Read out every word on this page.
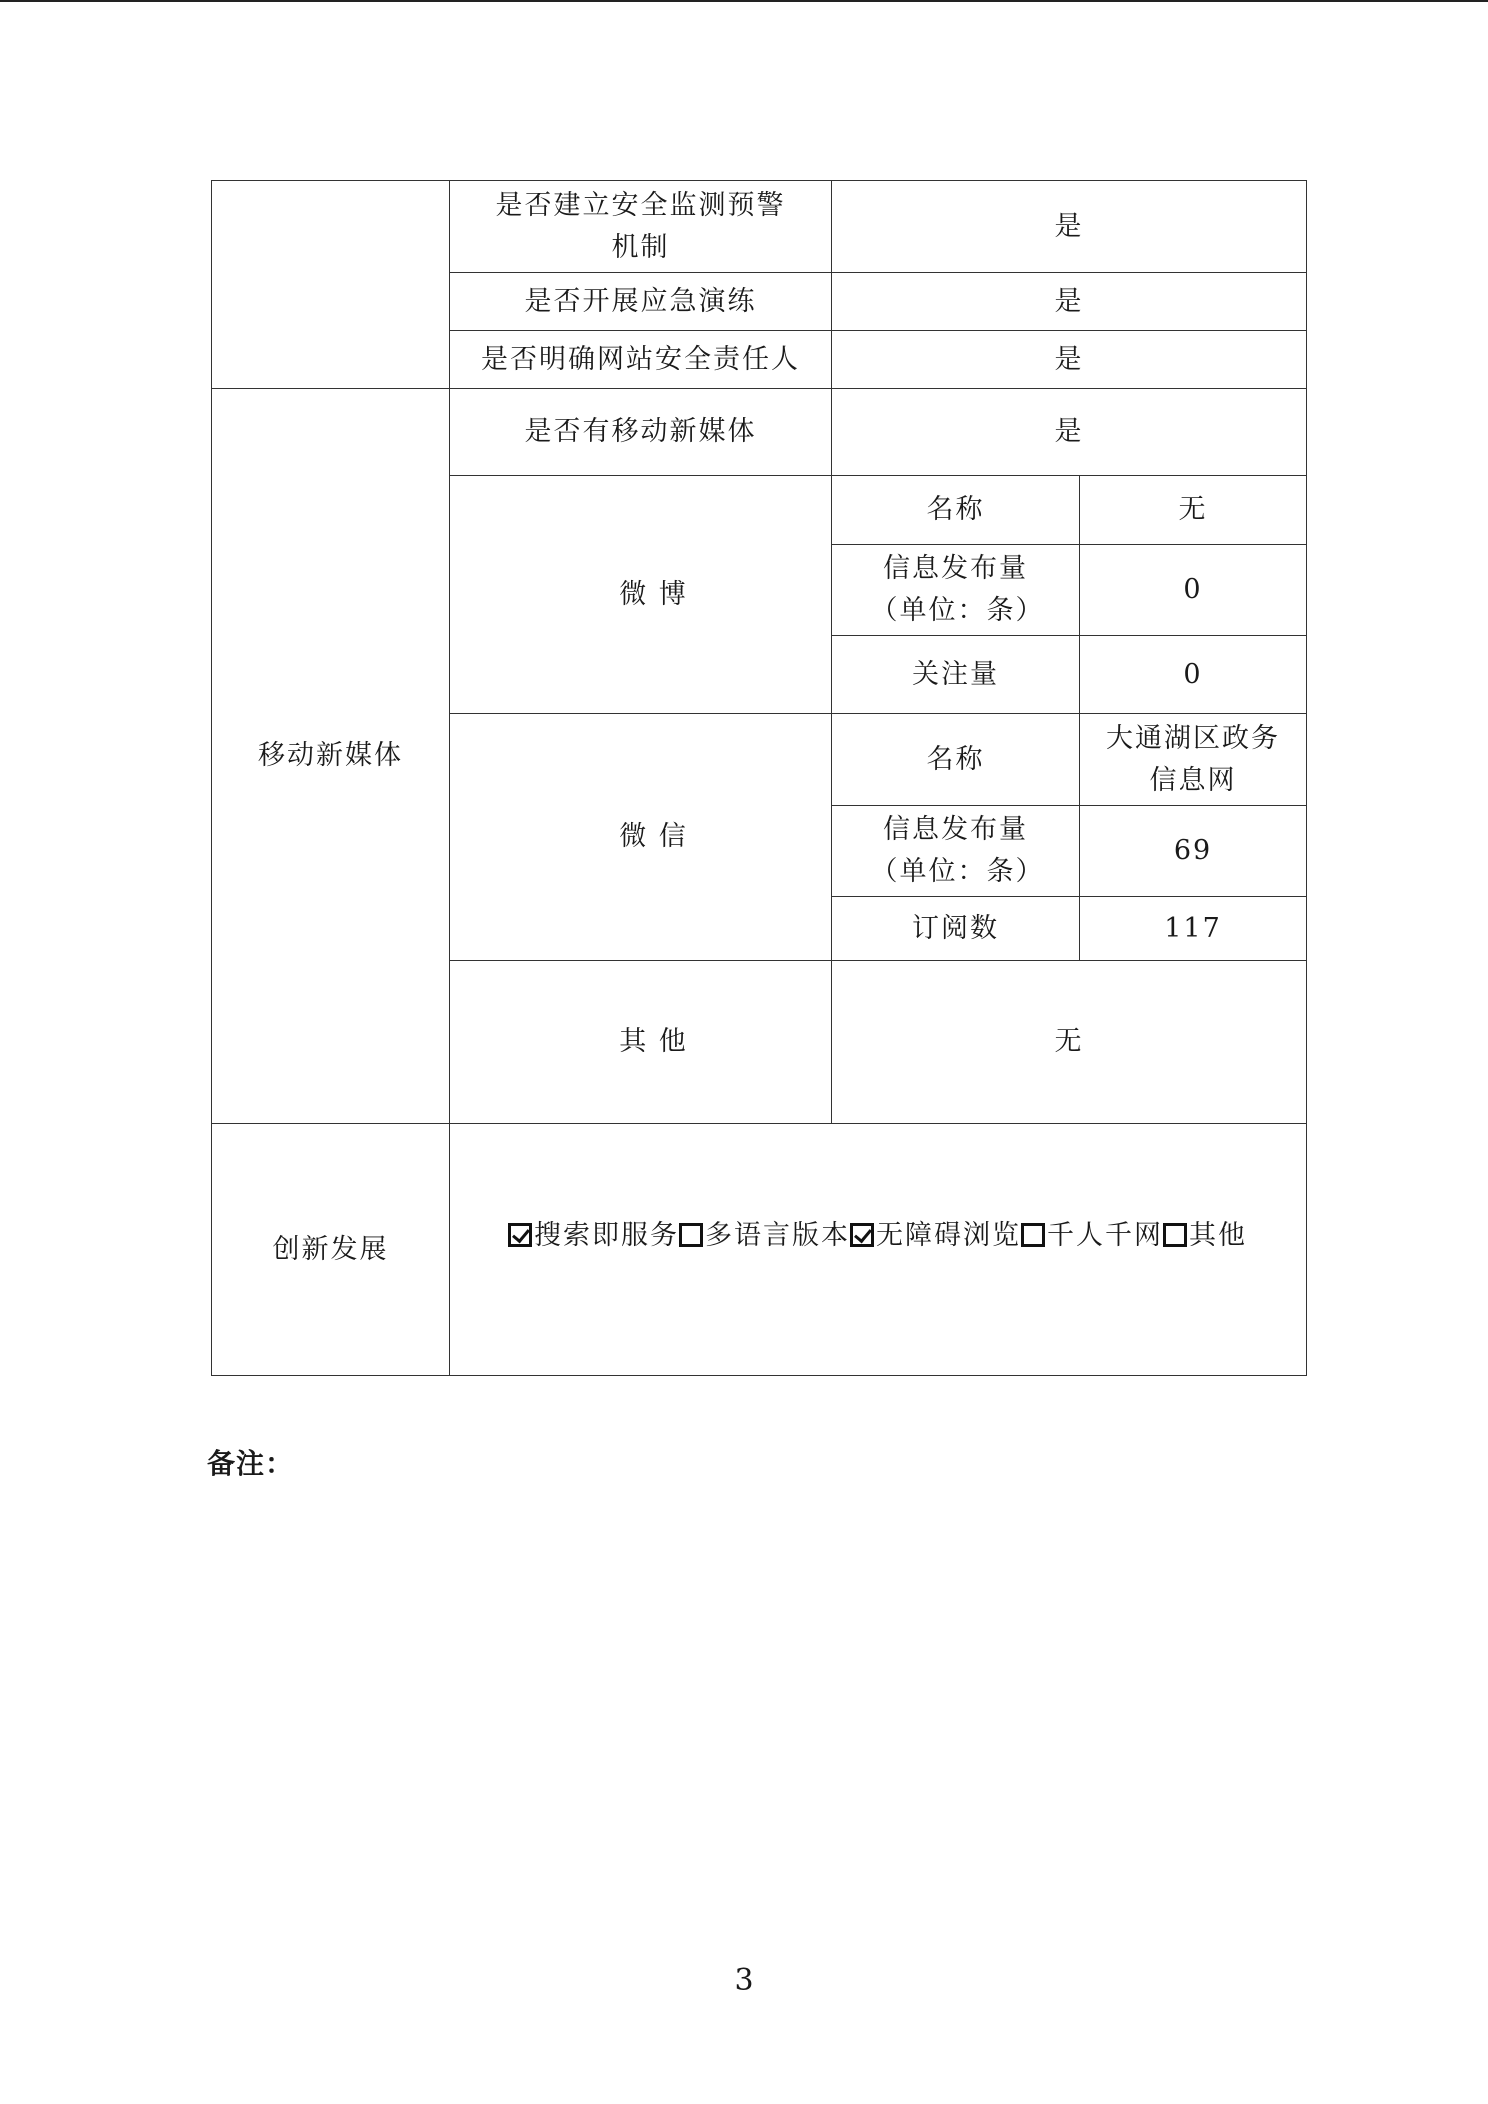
	是否建立安全监测预警机制	是	
	是否开展应急演练	是	
	是否明确网站安全责任人	是	
移动新媒体	是否有移动新媒体	是	
	微 博	名称	无
		信息发布量（单位：条）	0
		关注量	0
	微 信	名称	大通湖区政务信息网
		信息发布量（单位：条）	69
		订阅数	117
	其 他	无	
创新发展	搜索即服务 多语言版本 无障碍浏览 千人千网 其他		
备注：
3
